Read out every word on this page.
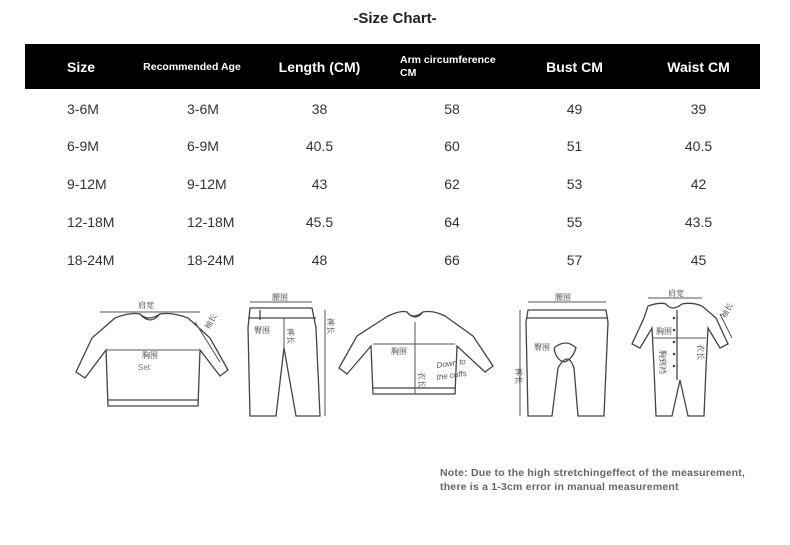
-Size Chart-
Size	Recommended Age	Length (CM)	Arm circumference CM	Bust CM	Waist CM
3-6M	3-6M	38	58	49	39
6-9M	6-9M	40.5	60	51	40.5
9-12M	9-12M	43	62	53	42
12-18M	12-18M	45.5	64	55	43.5
18-24M	18-24M	48	66	57	45
肩宽
袖长
胸围
Set
腰围
臀围 裤长
裤长
胸围
衣长
Down to
the cuffs
腰围
臀围
裤长
肩宽
袖长
胸围
胸到裆	衣长
Note: Due to the high stretchingeffect of the measurement,
there is a 1-3cm error in manual measurement
